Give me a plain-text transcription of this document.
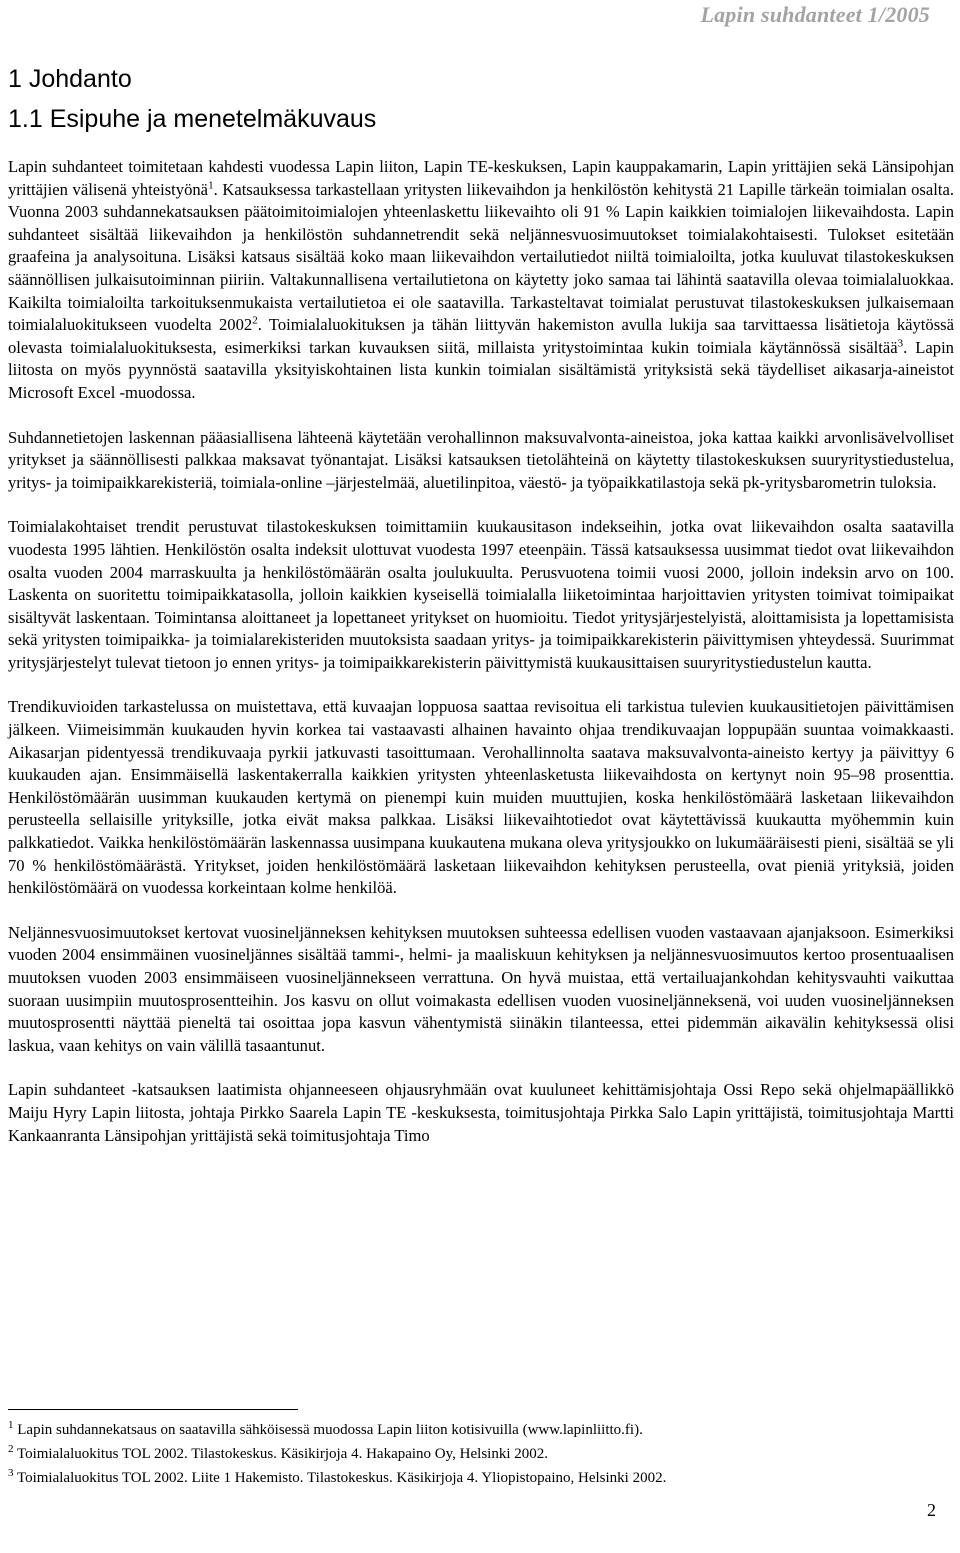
Lapin suhdanteet 1/2005
1 Johdanto
1.1 Esipuhe ja menetelmäkuvaus

Lapin suhdanteet toimitetaan kahdesti vuodessa Lapin liiton, Lapin TE-keskuksen, Lapin kauppakamarin, Lapin yrittäjien sekä Länsipohjan yrittäjien välisenä yhteistyönä$^1$. Katsauksessa tarkastellaan yritysten liikevaihdon ja henkilöstön kehitystä 21 Lapille tärkeän toimialan osalta. Vuonna 2003 suhdannekatsauksen päätoimitoimialojen yhteenlaskettu liikevaihto oli 91 % Lapin kaikkien toimialojen liikevaihdosta. Lapin suhdanteet sisältää liikevaihdon ja henkilöstön suhdannetrendit sekä neljännesvuosimuutokset toimialakohtaisesti. Tulokset esitetään graafeina ja analysoituna. Lisäksi katsaus sisältää koko maan liikevaihdon vertailutiedot niiltä toimialoilta, jotka kuuluvat tilastokeskuksen säännöllisen julkaisutoiminnan piiriin. Valtakunnallisena vertailutietona on käytetty joko samaa tai lähintä saatavilla olevaa toimialaluokkaa. Kaikilta toimialoilta tarkoituksenmukaista vertailutietoa ei ole saatavilla. Tarkasteltavat toimialat perustuvat tilastokeskuksen julkaisemaan toimialaluokitukseen vuodelta 2002$^2$. Toimialaluokituksen ja tähän liittyvän hakemiston avulla lukija saa tarvittaessa lisätietoja käytössä olevasta toimialaluokituksesta, esimerkiksi tarkan kuvauksen siitä, millaista yritystoimintaa kukin toimiala käytännössä sisältää$^3$. Lapin liitosta on myös pyynnöstä saatavilla yksityiskohtainen lista kunkin toimialan sisältämistä yrityksistä sekä täydelliset aikasarja-aineistot Microsoft Excel -muodossa.

Suhdannetietojen laskennan pääasiallisena lähteenä käytetään verohallinnon maksuvalvonta-aineistoa, joka kattaa kaikki arvonlisävelvolliset yritykset ja säännöllisesti palkkaa maksavat työnantajat. Lisäksi katsauksen tietolähteinä on käytetty tilastokeskuksen suuryritystiedustelua, yritys- ja toimipaikkarekisteriä, toimiala-online –järjestelmää, aluetilinpitoa, väestö- ja työpaikkatilastoja sekä pk-yritysbarometrin tuloksia.

Toimialakohtaiset trendit perustuvat tilastokeskuksen toimittamiin kuukausitason indekseihin, jotka ovat liikevaihdon osalta saatavilla vuodesta 1995 lähtien. Henkilöstön osalta indeksit ulottuvat vuodesta 1997 eteenpäin. Tässä katsauksessa uusimmat tiedot ovat liikevaihdon osalta vuoden 2004 marraskuulta ja henkilöstömäärän osalta joulukuulta. Perusvuotena toimii vuosi 2000, jolloin indeksin arvo on 100. Laskenta on suoritettu toimipaikkatasolla, jolloin kaikkien kyseisellä toimialalla liiketoimintaa harjoittavien yritysten toimivat toimipaikat sisältyvät laskentaan. Toimintansa aloittaneet ja lopettaneet yritykset on huomioitu. Tiedot yritysjärjestelyistä, aloittamisista ja lopettamisista sekä yritysten toimipaikka- ja toimialarekisteriden muutoksista saadaan yritys- ja toimipaikkarekisterin päivittymisen yhteydessä. Suurimmat yritysjärjestelyt tulevat tietoon jo ennen yritys- ja toimipaikkarekisterin päivittymistä kuukausittaisen suuryritystiedustelun kautta.

Trendikuvioiden tarkastelussa on muistettava, että kuvaajan loppuosa saattaa revisoitua eli tarkistua tulevien kuukausitietojen päivittämisen jälkeen. Viimeisimmän kuukauden hyvin korkea tai vastaavasti alhainen havainto ohjaa trendikuvaajan loppupään suuntaa voimakkaasti. Aikasarjan pidentyessä trendikuvaaja pyrkii jatkuvasti tasoittumaan. Verohallinnolta saatava maksuvalvonta-aineisto kertyy ja päivittyy 6 kuukauden ajan. Ensimmäisellä laskentakerralla kaikkien yritysten yhteenlasketusta liikevaihdosta on kertynyt noin 95–98 prosenttia. Henkilöstömäärän uusimman kuukauden kertymä on pienempi kuin muiden muuttujien, koska henkilöstömäärä lasketaan liikevaihdon perusteella sellaisille yrityksille, jotka eivät maksa palkkaa. Lisäksi liikevaihtotiedot ovat käytettävissä kuukautta myöhemmin kuin palkkatiedot. Vaikka henkilöstömäärän laskennassa uusimpana kuukautena mukana oleva yritysjoukko on lukumääräisesti pieni, sisältää se yli 70 % henkilöstömäärästä. Yritykset, joiden henkilöstömäärä lasketaan liikevaihdon kehityksen perusteella, ovat pieniä yrityksiä, joiden henkilöstömäärä on vuodessa korkeintaan kolme henkilöä.

Neljännesvuosimuutokset kertovat vuosineljänneksen kehityksen muutoksen suhteessa edellisen vuoden vastaavaan ajanjaksoon. Esimerkiksi vuoden 2004 ensimmäinen vuosineljännes sisältää tammi-, helmi- ja maaliskuun kehityksen ja neljännesvuosimuutos kertoo prosentuaalisen muutoksen vuoden 2003 ensimmäiseen vuosineljännekseen verrattuna. On hyvä muistaa, että vertailuajankohdan kehitysvauhti vaikuttaa suoraan uusimpiin muutosprosentteihin. Jos kasvu on ollut voimakasta edellisen vuoden vuosineljänneksenä, voi uuden vuosineljänneksen muutosprosentti näyttää pieneltä tai osoittaa jopa kasvun vähentymistä siinäkin tilanteessa, ettei pidemmän aikavälin kehityksessä olisi laskua, vaan kehitys on vain välillä tasaantunut.

Lapin suhdanteet -katsauksen laatimista ohjanneeseen ohjausryhmään ovat kuuluneet kehittämisjohtaja Ossi Repo sekä ohjelmapäällikkö Maiju Hyry Lapin liitosta, johtaja Pirkko Saarela Lapin TE -keskuksesta, toimitusjohtaja Pirkka Salo Lapin yrittäjistä, toimitusjohtaja Martti Kankaanranta Länsipohjan yrittäjistä sekä toimitusjohtaja Timo

$^1$ Lapin suhdannekatsaus on saatavilla sähköisessä muodossa Lapin liiton kotisivuilla (www.lapinliitto.fi).
$^2$ Toimialaluokitus TOL 2002. Tilastokeskus. Käsikirjoja 4. Hakapaino Oy, Helsinki 2002.
$^3$ Toimialaluokitus TOL 2002. Liite 1 Hakemisto. Tilastokeskus. Käsikirjoja 4. Yliopistopaino, Helsinki 2002.
2
